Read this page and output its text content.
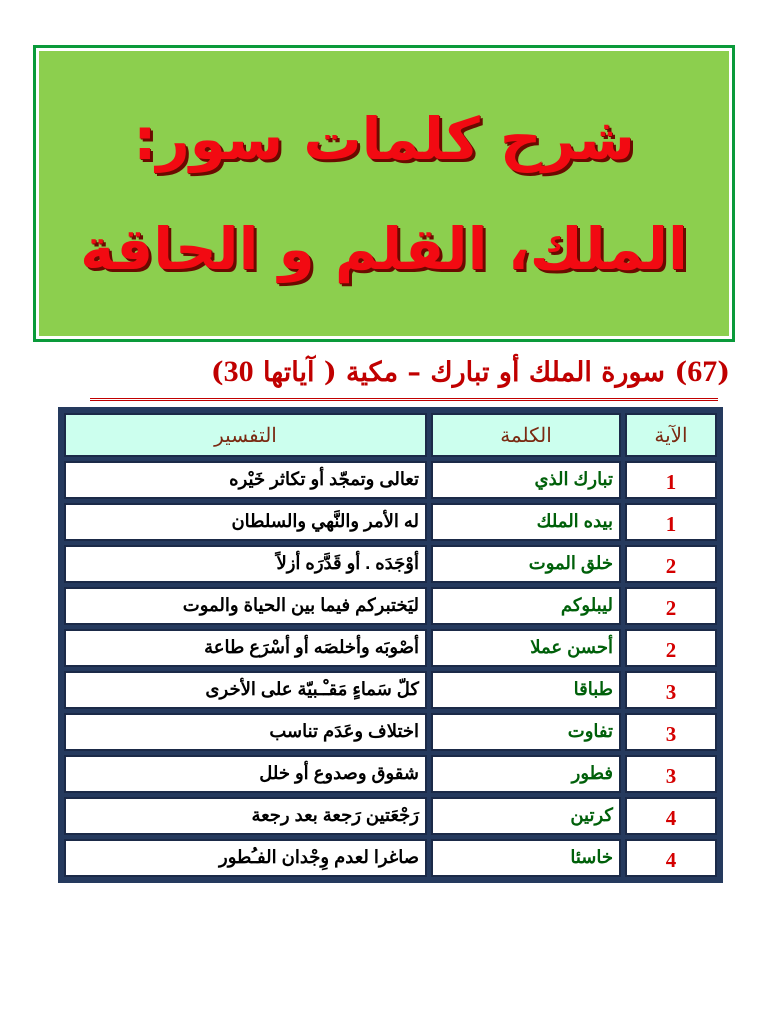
شرح كلمات سور:
الملك، القلم و الحاقة
(67) سورة الملك أو تبارك – مكية ( آياتها 30)
الآية	الكلمة	التفسير
1	تبارك الذي	تعالى وتمجّد أو تكاثر خَيْره
1	بيده الملك	له الأمر والنَّهي والسلطان
2	خلق الموت	أوْجَدَه . أو قَدَّرَه أزلاً
2	ليبلوكم	ليَختبركم فيما بين الحياة والموت
2	أحسن عملا	أصْوبَه وأخلصَه أو أسْرَع طاعة
3	طباقا	كلّ سَماءٍ مَقـْـبيّة على الأخرى
3	تفاوت	اختلاف وعَدَم تناسب
3	فطور	شقوق وصدوع أو خلل
4	كرتين	رَجْعَتين رَجعة بعد رجعة
4	خاسئا	صاغرا لعدم وِجْدان الفـُطور
